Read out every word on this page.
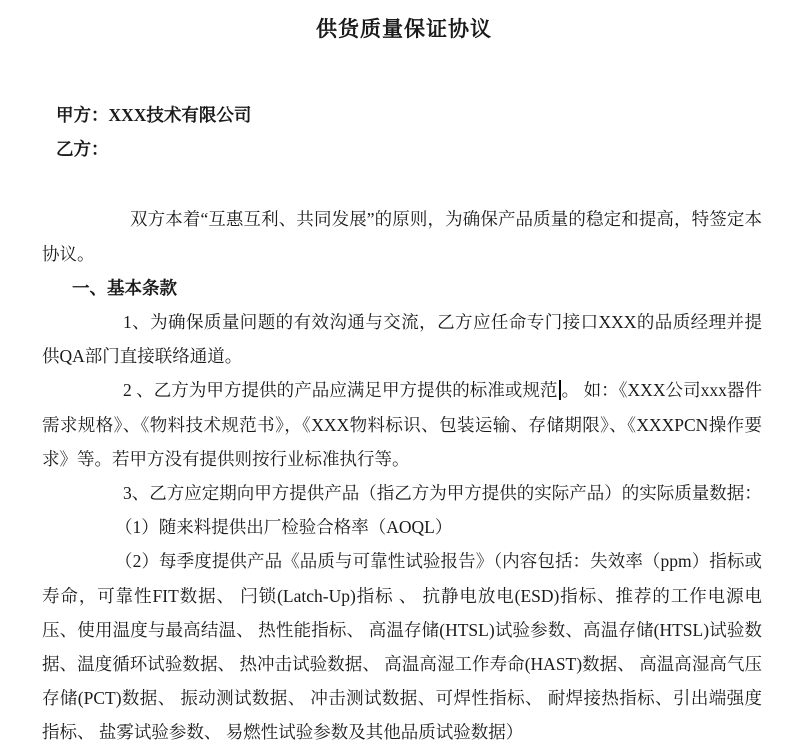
供货质量保证协议

甲方：XXX技术有限公司

乙方：

双方本着“互惠互利、共同发展”的原则，为确保产品质量的稳定和提高，特签定本协议。

一、基本条款

1、为确保质量问题的有效沟通与交流，乙方应任命专门接口XXX的品质经理并提供QA部门直接联络通道。

2 、乙方为甲方提供的产品应满足甲方提供的标准或规范 。 如：《XXX公司xxx器件需求规格》、《物料技术规范书》，《XXX物料标识、包装运输、存储期限》、《XXXPCN操作要求》等。若甲方没有提供则按行业标准执行等。

3、乙方应定期向甲方提供产品（指乙方为甲方提供的实际产品）的实际质量数据：

（1）随来料提供出厂检验合格率（AOQL）

（2）每季度提供产品《品质与可靠性试验报告》（内容包括：失效率（ppm）指标或寿命，可靠性FIT数据、 闩锁(Latch-Up)指标 、 抗静电放电(ESD)指标、推荐的工作电源电压、使用温度与最高结温、 热性能指标、 高温存储(HTSL)试验参数、高温存储(HTSL)试验数据、温度循环试验数据、 热冲击试验数据、 高温高湿工作寿命(HAST)数据、 高温高湿高气压存储(PCT)数据、 振动测试数据、 冲击测试数据、可焊性指标、 耐焊接热指标、引出端强度指标、 盐雾试验参数、 易燃性试验参数及其他品质试验数据）
